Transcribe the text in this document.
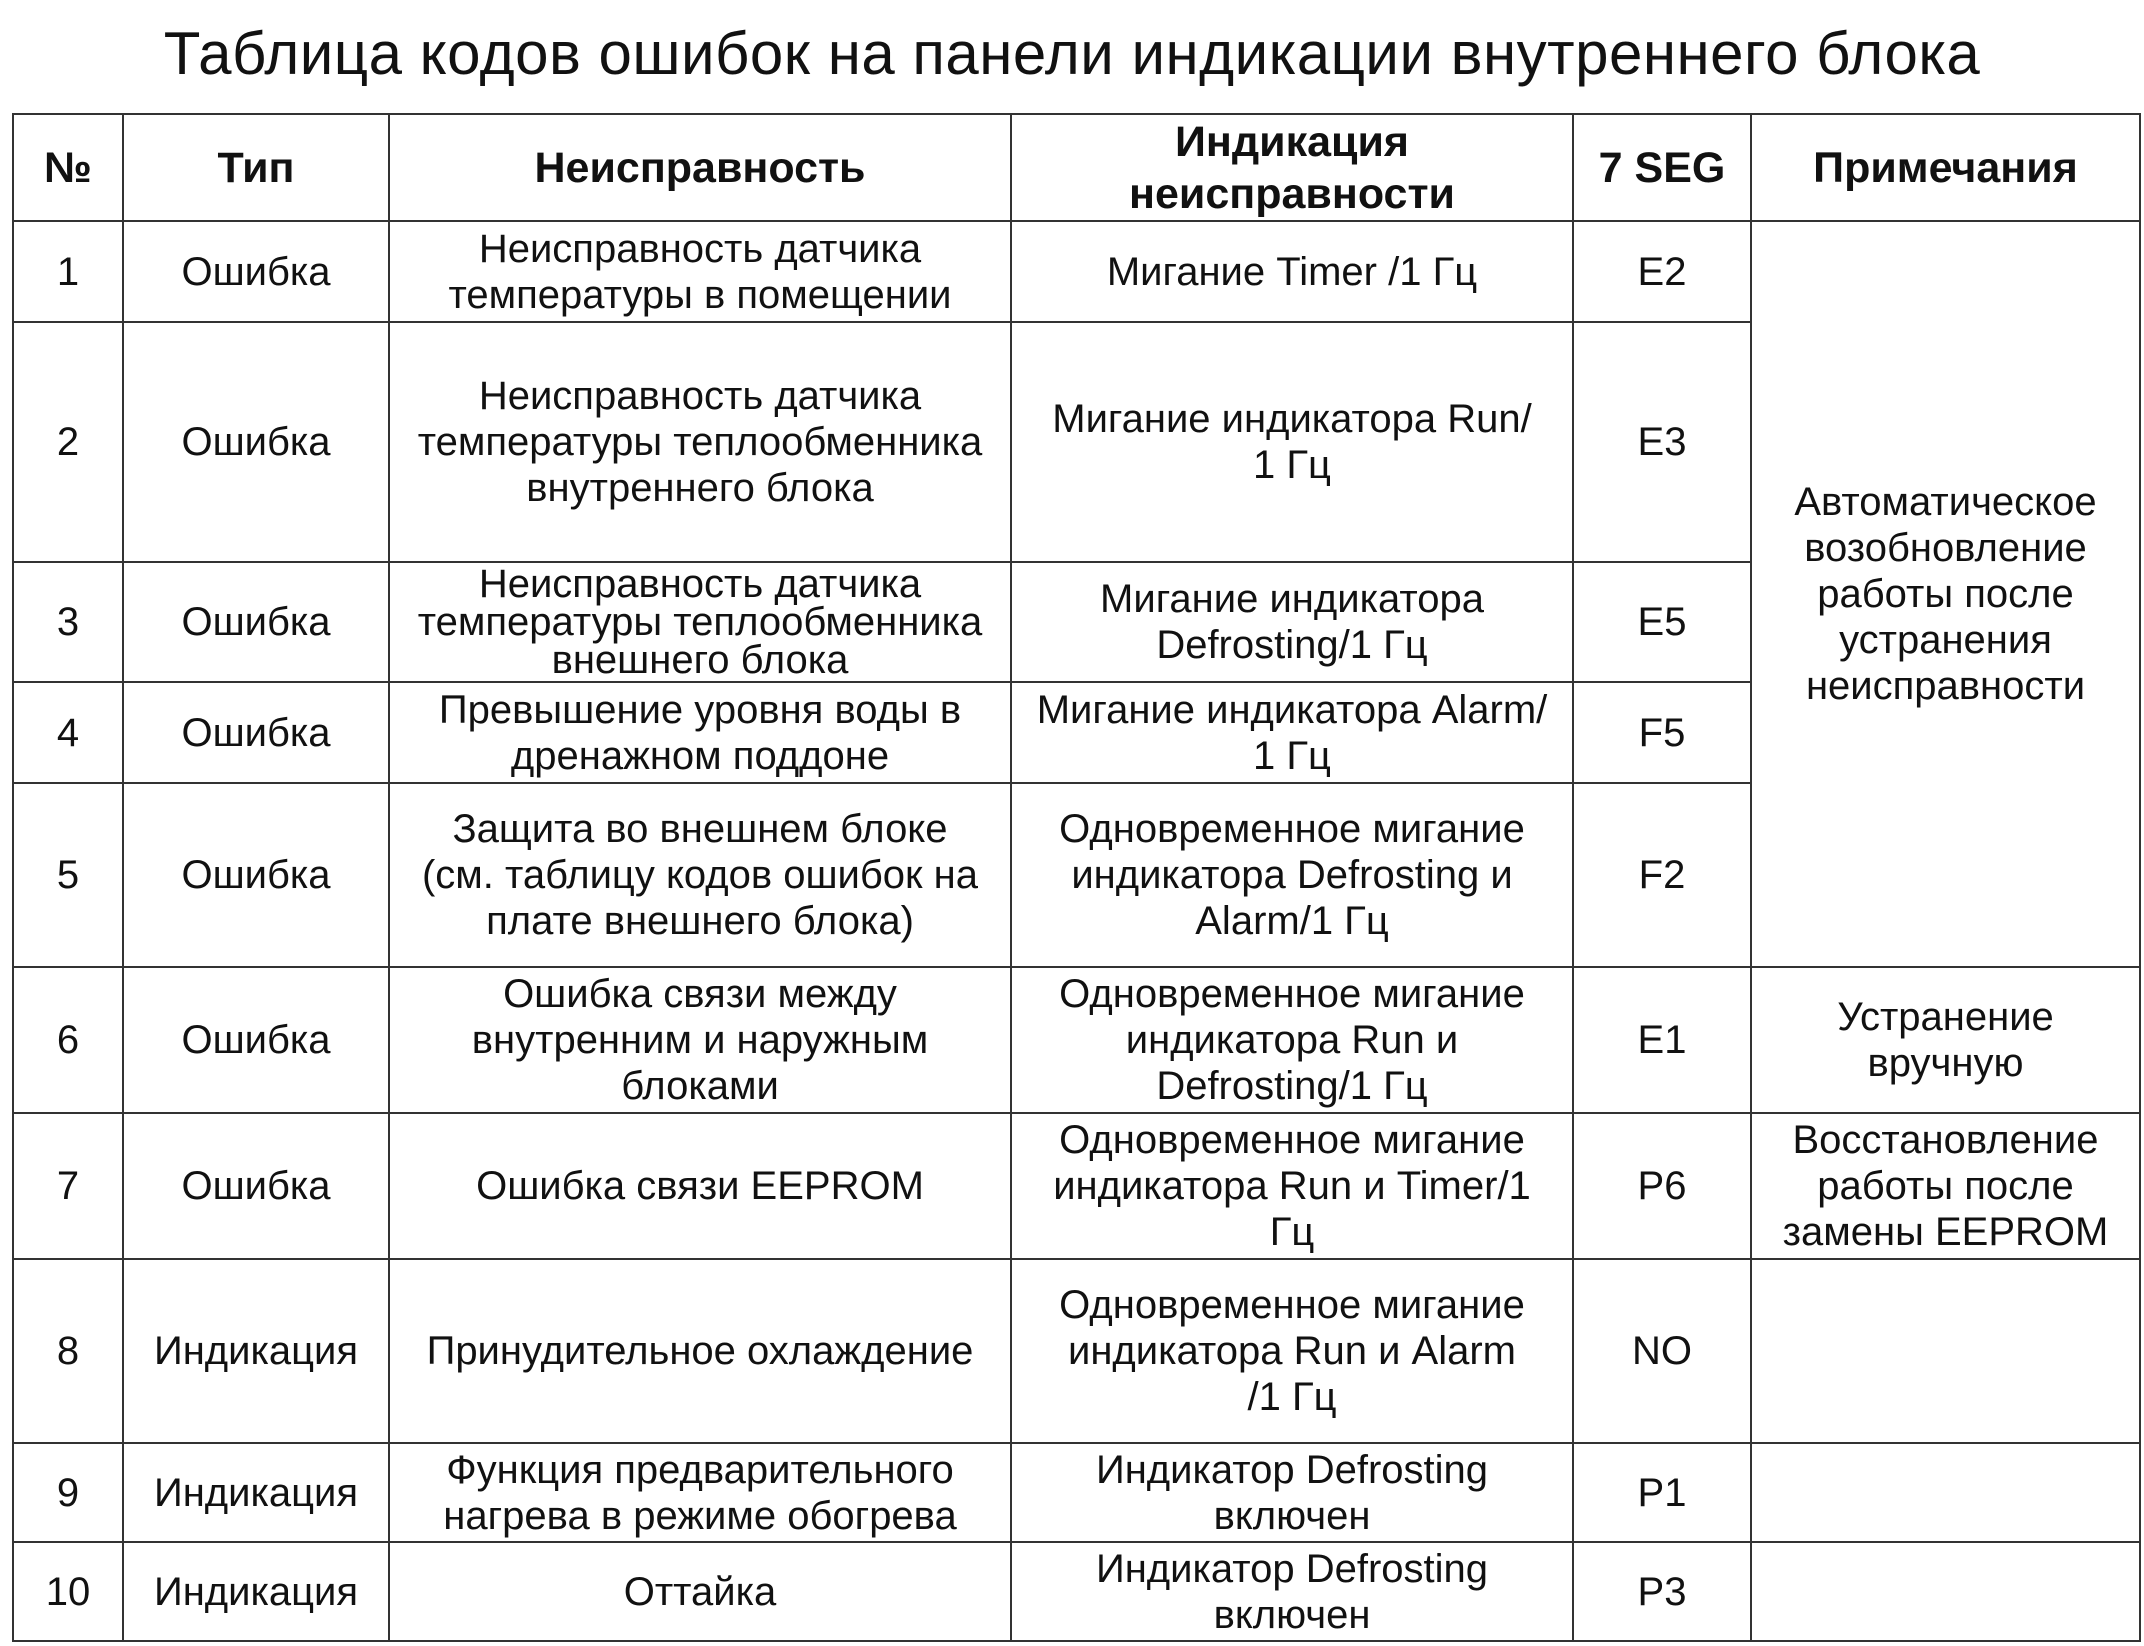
Таблица кодов ошибок на панели индикации внутреннего блока
№	Тип	Неисправность	Индикация
неисправности	7 SEG	Примечания
1	Ошибка	Неисправность датчика
температуры в помещении	Мигание Timer /1 Гц	E2	Автоматическое
возобновление
работы после
устранения
неисправности
2	Ошибка	Неисправность датчика
температуры теплообменника
внутреннего блока	Мигание индикатора Run/
1 Гц	E3	
3	Ошибка	Неисправность датчика
температуры теплообменника
внешнего блока	Мигание индикатора
Defrosting/1 Гц	E5	
4	Ошибка	Превышение уровня воды в
дренажном поддоне	Мигание индикатора Alarm/
1 Гц	F5	
5	Ошибка	Защита во внешнем блоке
(см. таблицу кодов ошибок на
плате внешнего блока)	Одновременное мигание
индикатора Defrosting и
Alarm/1 Гц	F2	
6	Ошибка	Ошибка связи между
внутренним и наружным
блоками	Одновременное мигание
индикатора Run и
Defrosting/1 Гц	E1	Устранение
вручную
7	Ошибка	Ошибка связи EEPROM	Одновременное мигание
индикатора Run и Timer/1
Гц	P6	Восстановление
работы после
замены EEPROM
8	Индикация	Принудительное охлаждение	Одновременное мигание
индикатора Run и Alarm
/1 Гц	NO	
9	Индикация	Функция предварительного
нагрева в режиме обогрева	Индикатор Defrosting
включен	P1	
10	Индикация	Оттайка	Индикатор Defrosting
включен	P3	
